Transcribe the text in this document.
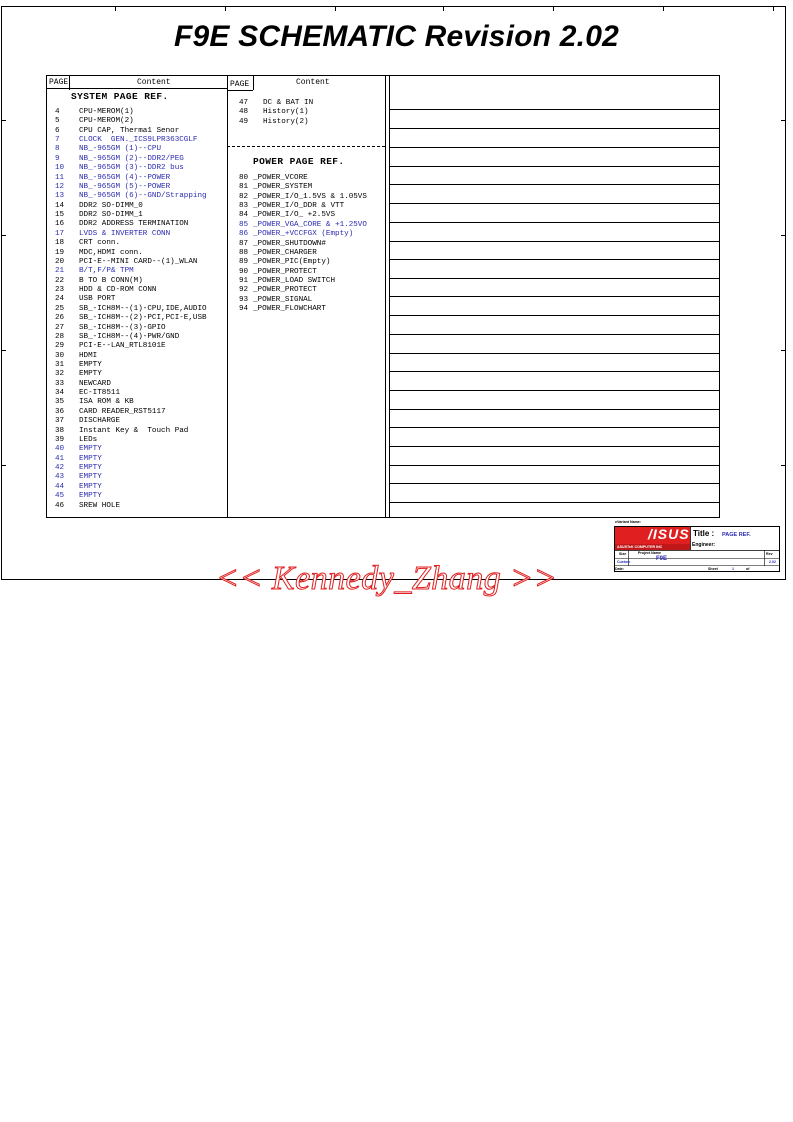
F9E SCHEMATIC Revision 2.02
PAGE	Content	PAGE	Content
SYSTEM PAGE REF.
POWER PAGE REF.
4	CPU-MEROM(1)
5	CPU-MEROM(2)
6	CPU CAP, Therma1 Senor
7	CLOCK  GEN._ICS9LPR363CGLF
8	NB_-965GM (1)--CPU
9	NB_-965GM (2)--DDR2/PEG
10 NB_-965GM (3)--DDR2 bus
11 NB_-965GM (4)--POWER
12 NB_-965GM (5)--POWER
13 NB_-965GM (6)--GND/Strapping
14 DDR2 SO-DIMM_0
15 DDR2 SO-DIMM_1
16 DDR2 ADDRESS TERMINATION
17 LVDS & INVERTER CONN
18 CRT conn.
19 MDC,HDMI conn.
20 PCI-E--MINI CARD--(1)_WLAN
21 B/T,F/P& TPM
22 B TO B CONN(M)
23 HDD & CD-ROM CONN
24 USB PORT
25 SB_-ICH8M--(1)-CPU,IDE,AUDIO
26 SB_-ICH8M--(2)-PCI,PCI-E,USB
27 SB_-ICH8M--(3)-GPIO
28 SB_-ICH8M--(4)-PWR/GND
29 PCI-E--LAN_RTL8101E
30 HDMI
31 EMPTY
32 EMPTY
33 NEWCARD
34 EC-IT8511
35 ISA ROM & KB
36 CARD READER_RST5117
37 DISCHARGE
38 Instant Key &  Touch Pad
39 LEDs
40 EMPTY
41 EMPTY
42 EMPTY
43 EMPTY
44 EMPTY
45 EMPTY
46 SREW HOLE
47 DC & BAT IN
48 History(1)
49 History(2)
80 _POWER_VCORE
81 _POWER_SYSTEM
82 _POWER_I/O_1.5VS & 1.05VS
83 _POWER_I/O_DDR & VTT
84 _POWER_I/O_ +2.5VS
85 _POWER_VGA_CORE & +1.25VO
86 _POWER_+VCCFGX (Empty)
87 _POWER_SHUTDOWN#
88 _POWER_CHARGER
89 _POWER_PIC(Empty)
90 _POWER_PROTECT
91 _POWER_LOAD SWITCH
92 _POWER_PROTECT
93 _POWER_SIGNAL
94 _POWER_FLOWCHART
eVariant Name:
/ISUS
ASUSTeK COMPUTER INC
Title : PAGE REF.
Engineer:
Size	Project Name
F9E
Rev
2.02
Custom
Date:	Sheet	1	of
<< Kennedy_Zhang >>
